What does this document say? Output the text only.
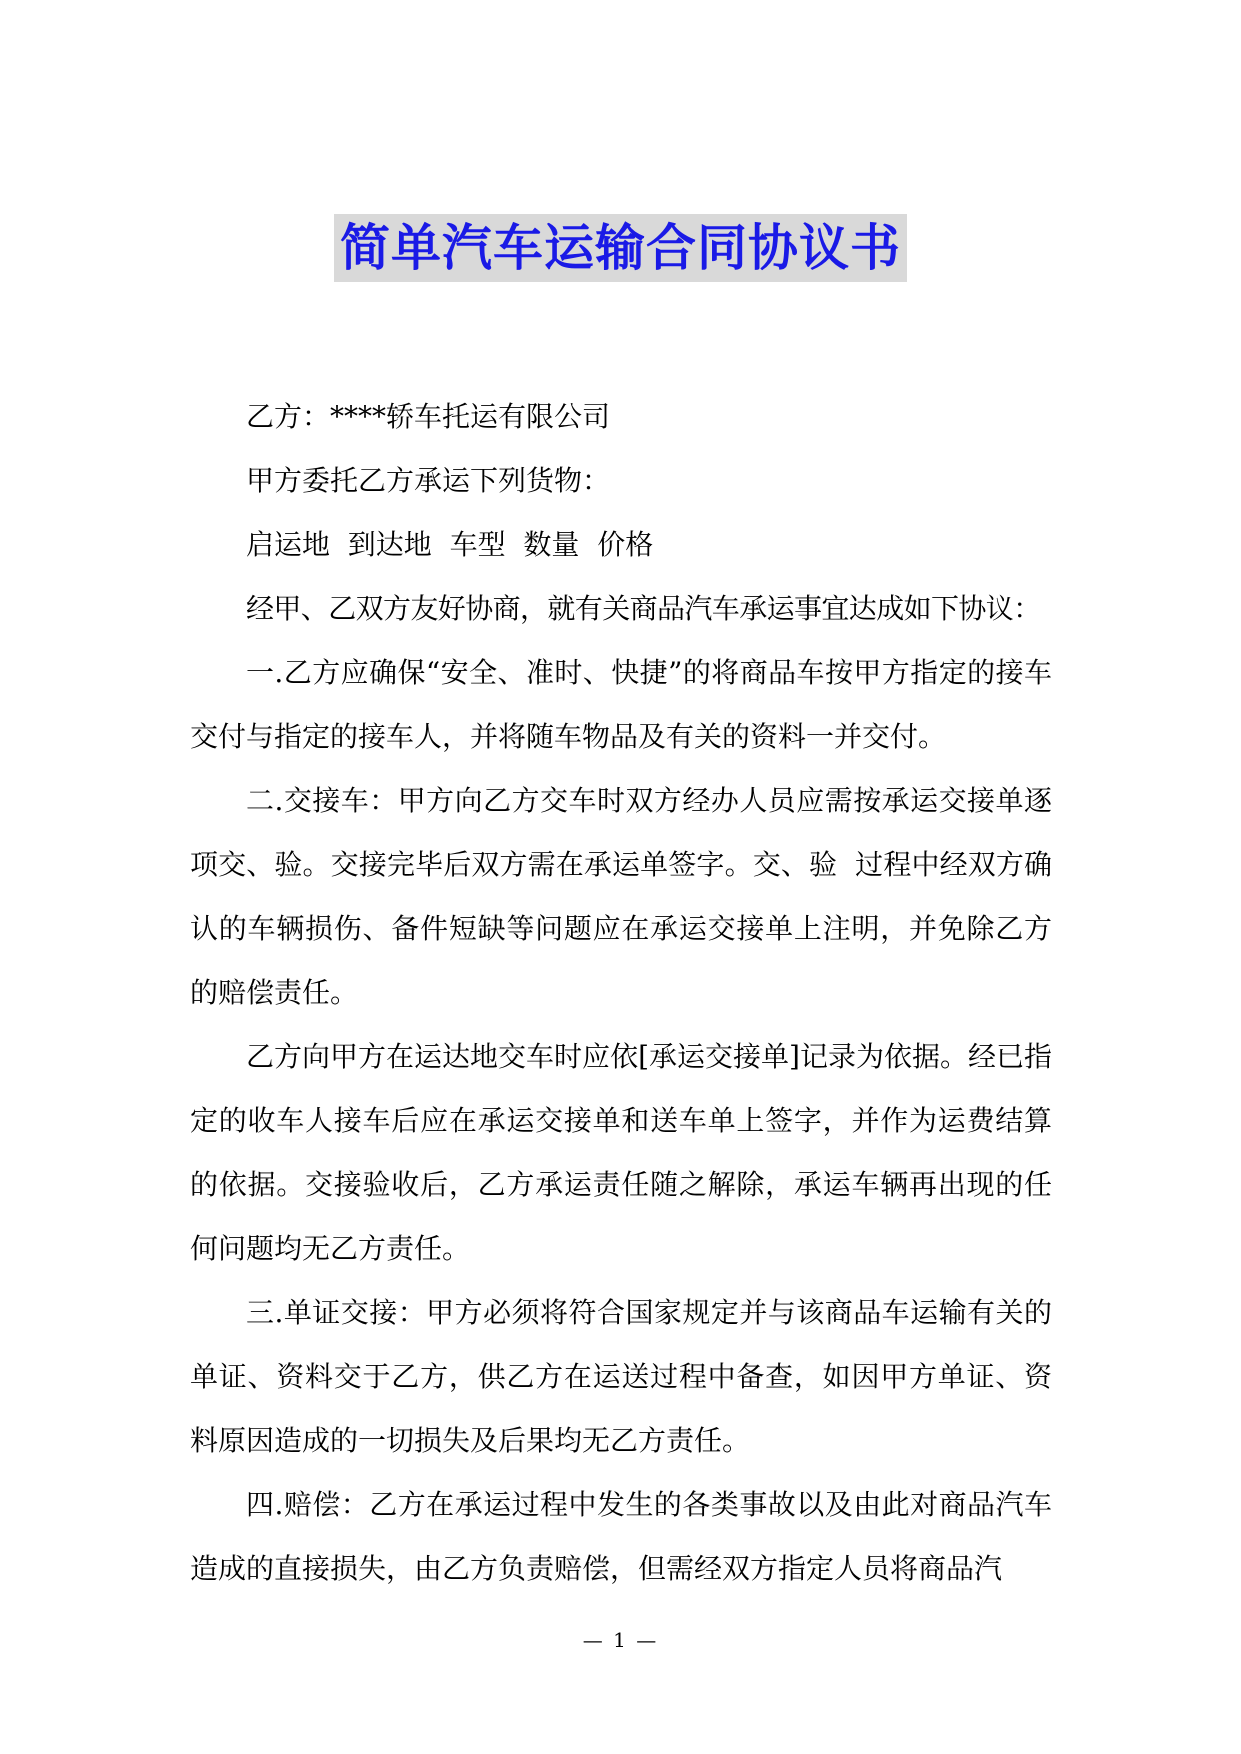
简单汽车运输合同协议书

乙方：****轿车托运有限公司

甲方委托乙方承运下列货物：

启运地  到达地  车型  数量  价格

经甲、乙双方友好协商，就有关商品汽车承运事宜达成如下协议：

一.乙方应确保“安全、准时、快捷”的将商品车按甲方指定的接车交付与指定的接车人，并将随车物品及有关的资料一并交付。

二.交接车：甲方向乙方交车时双方经办人员应需按承运交接单逐项交、验。交接完毕后双方需在承运单签字。交、验  过程中经双方确认的车辆损伤、备件短缺等问题应在承运交接单上注明，并免除乙方的赔偿责任。

乙方向甲方在运达地交车时应依[承运交接单]记录为依据。经已指定的收车人接车后应在承运交接单和送车单上签字，并作为运费结算的依据。交接验收后，乙方承运责任随之解除，承运车辆再出现的任何问题均无乙方责任。

三.单证交接：甲方必须将符合国家规定并与该商品车运输有关的单证、资料交于乙方，供乙方在运送过程中备查，如因甲方单证、资料原因造成的一切损失及后果均无乙方责任。

四.赔偿：乙方在承运过程中发生的各类事故以及由此对商品汽车造成的直接损失，由乙方负责赔偿，但需经双方指定人员将商品汽

— 1 —
